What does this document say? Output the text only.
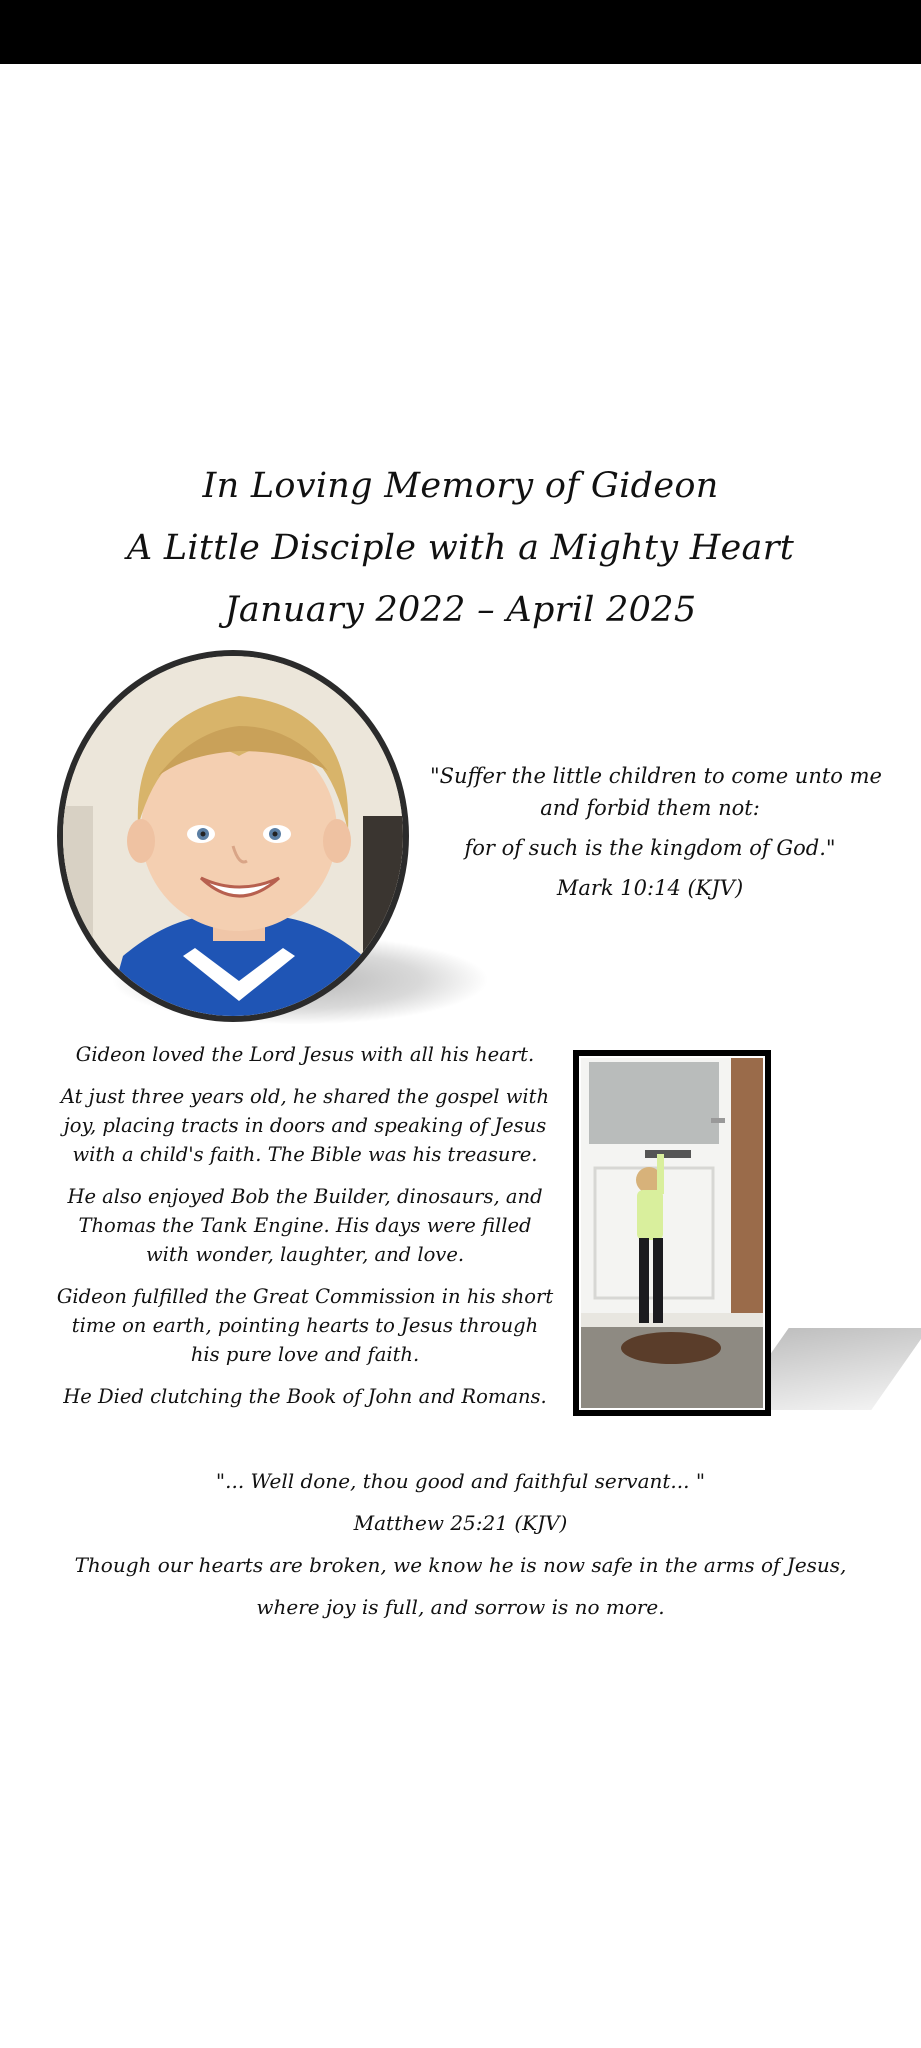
In Loving Memory of Gideon
A Little Disciple with a Mighty Heart
January 2022 – April 2025
"Suffer the little children to come unto me
and forbid them not:
for of such is the kingdom of God."
Mark 10:14 (KJV)

Gideon loved the Lord Jesus with all his heart.

At just three years old, he shared the gospel with
joy, placing tracts in doors and speaking of Jesus
with a child's faith. The Bible was his treasure.

He also enjoyed Bob the Builder, dinosaurs, and
Thomas the Tank Engine. His days were filled
with wonder, laughter, and love.

Gideon fulfilled the Great Commission in his short
time on earth, pointing hearts to Jesus through
his pure love and faith.

He Died clutching the Book of John and Romans.

"... Well done, thou good and faithful servant... "
Matthew 25:21 (KJV)
Though our hearts are broken, we know he is now safe in the arms of Jesus,
where joy is full, and sorrow is no more.
